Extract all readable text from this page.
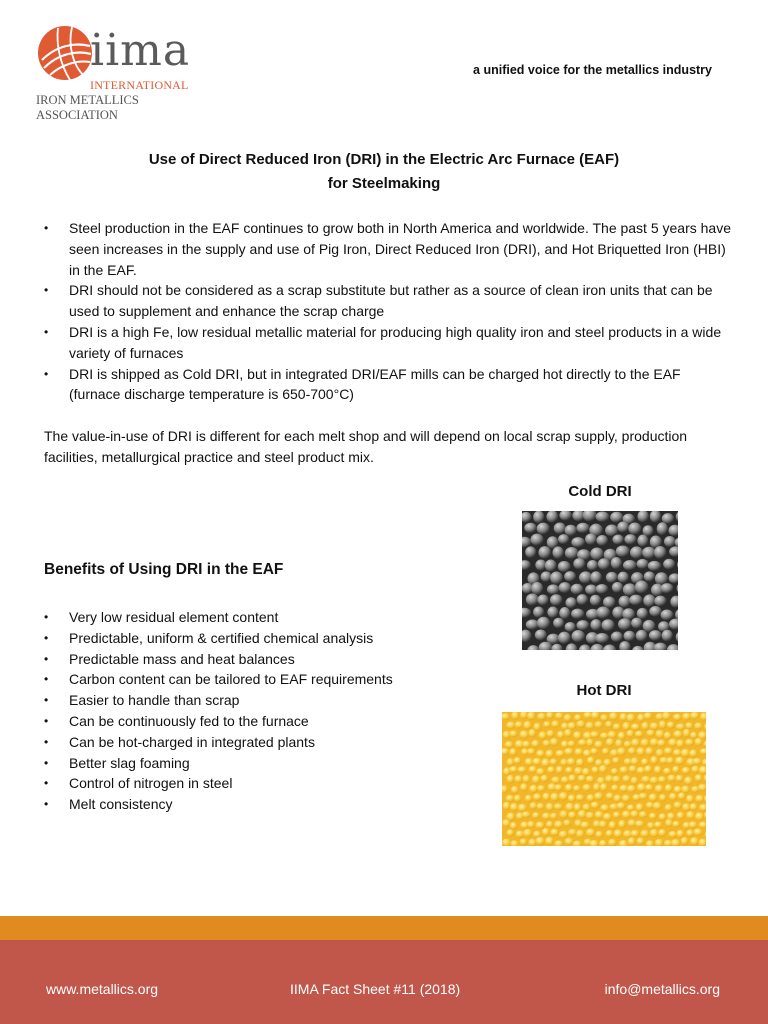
iima
INTERNATIONAL
IRON METALLICS ASSOCIATION
a unified voice for the metallics industry
Use of Direct Reduced Iron (DRI) in the Electric Arc Furnace (EAF)
for Steelmaking
• Steel production in the EAF continues to grow both in North America and worldwide. The past 5 years have seen increases in the supply and use of Pig Iron, Direct Reduced Iron (DRI), and Hot Briquetted Iron (HBI) in the EAF.
• DRI should not be considered as a scrap substitute but rather as a source of clean iron units that can be used to supplement and enhance the scrap charge
• DRI is a high Fe, low residual metallic material for producing high quality iron and steel products in a wide variety of furnaces
• DRI is shipped as Cold DRI, but in integrated DRI/EAF mills can be charged hot directly to the EAF (furnace discharge temperature is 650-700°C)
The value-in-use of DRI is different for each melt shop and will depend on local scrap supply, production facilities, metallurgical practice and steel product mix.
Benefits of Using DRI in the EAF
• Very low residual element content
• Predictable, uniform & certified chemical analysis
• Predictable mass and heat balances
• Carbon content can be tailored to EAF requirements
• Easier to handle than scrap
• Can be continuously fed to the furnace
• Can be hot-charged in integrated plants
• Better slag foaming
• Control of nitrogen in steel
• Melt consistency
Cold DRI
Hot DRI
www.metallics.org	IIMA Fact Sheet #11 (2018)	info@metallics.org
